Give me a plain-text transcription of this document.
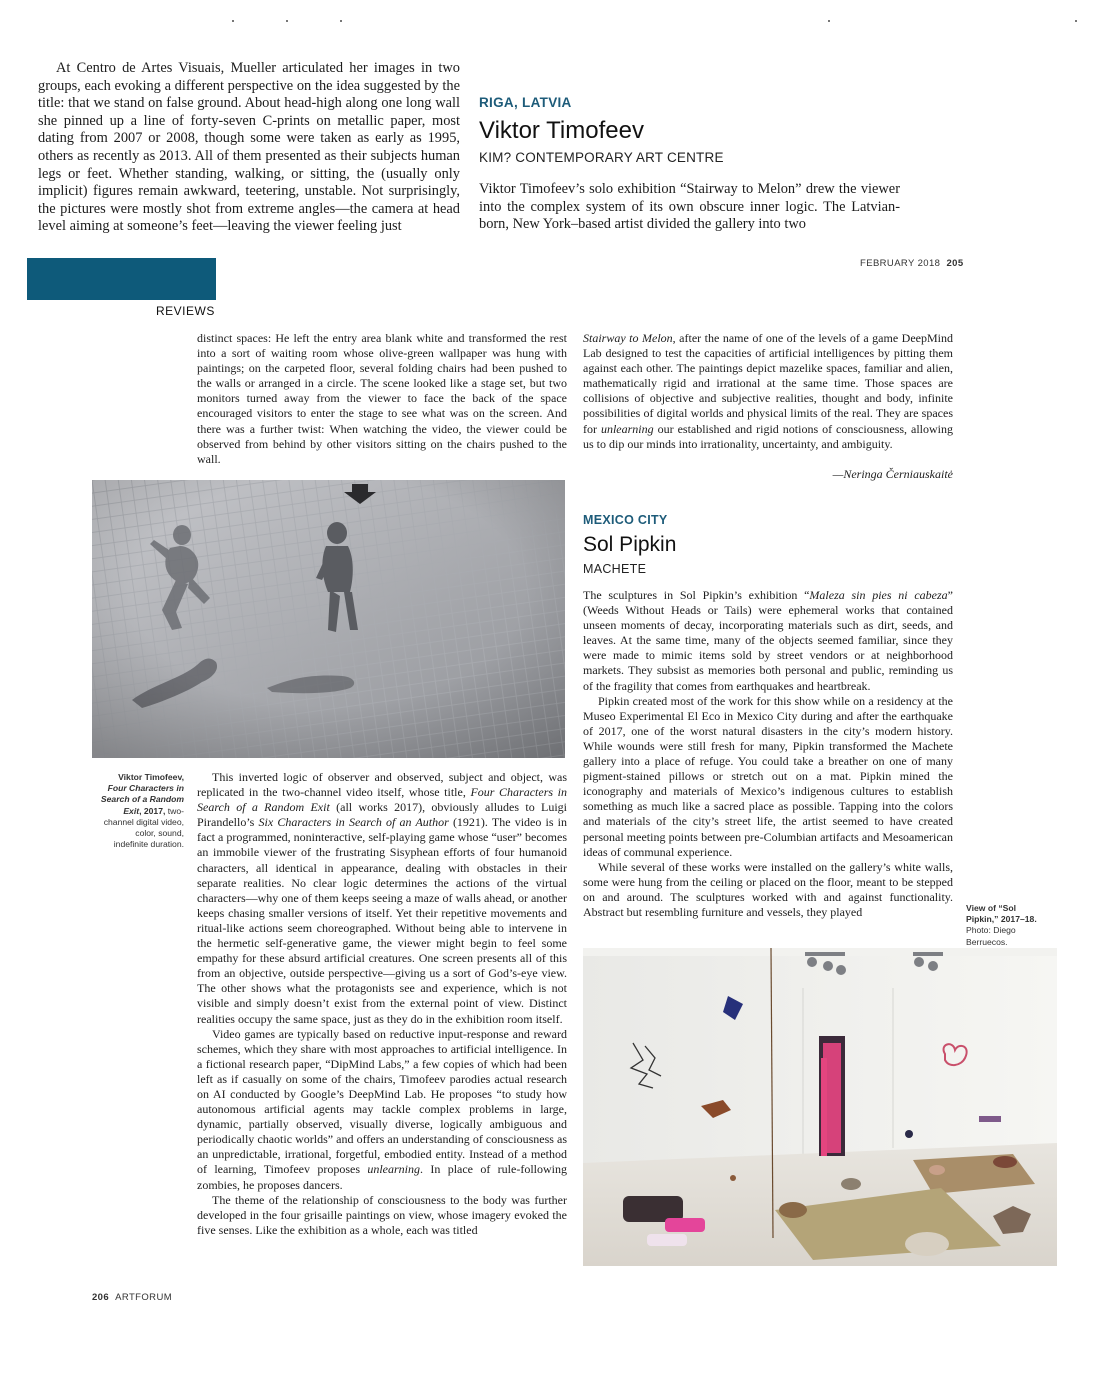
At Centro de Artes Visuais, Mueller articulated her images in two groups, each evoking a different perspective on the idea suggested by the title: that we stand on false ground. About head-high along one long wall she pinned up a line of forty-seven C-prints on metallic paper, most dating from 2007 or 2008, though some were taken as early as 1995, others as recently as 2013. All of them presented as their subjects human legs or feet. Whether standing, walking, or sitting, the (usually only implicit) figures remain awkward, teetering, unstable. Not surprisingly, the pictures were mostly shot from extreme angles—the camera at head level aiming at someone’s feet—leaving the viewer feeling just

RIGA, LATVIA
Viktor Timofeev
KIM? CONTEMPORARY ART CENTRE

Viktor Timofeev’s solo exhibition “Stairway to Melon” drew the viewer into the complex system of its own obscure inner logic. The Latvian-born, New York–based artist divided the gallery into two

FEBRUARY 2018 205
REVIEWS

distinct spaces: He left the entry area blank white and transformed the rest into a sort of waiting room whose olive-green wallpaper was hung with paintings; on the carpeted floor, several folding chairs had been pushed to the walls or arranged in a circle. The scene looked like a stage set, but two monitors turned away from the viewer to face the back of the space encouraged visitors to enter the stage to see what was on the screen. And there was a further twist: When watching the video, the viewer could be observed from behind by other visitors sitting on the chairs pushed to the wall.

Stairway to Melon, after the name of one of the levels of a game DeepMind Lab designed to test the capacities of artificial intelligences by pitting them against each other. The paintings depict mazelike spaces, familiar and alien, mathematically rigid and irrational at the same time. Those spaces are collisions of objective and subjective realities, thought and body, infinite possibilities of digital worlds and physical limits of the real. They are spaces for unlearning our established and rigid notions of consciousness, allowing us to dip our minds into irrationality, uncertainty, and ambiguity.

—Neringa Černiauskaitė
MEXICO CITY
Sol Pipkin
MACHETE

The sculptures in Sol Pipkin’s exhibition “Maleza sin pies ni cabeza” (Weeds Without Heads or Tails) were ephemeral works that contained unseen moments of decay, incorporating materials such as dirt, seeds, and leaves. At the same time, many of the objects seemed familiar, since they were made to mimic items sold by street vendors or at neighborhood markets. They subsist as memories both personal and public, reminding us of the fragility that comes from earthquakes and heartbreak.

Pipkin created most of the work for this show while on a residency at the Museo Experimental El Eco in Mexico City during and after the earthquake of 2017, one of the worst natural disasters in the city’s modern history. While wounds were still fresh for many, Pipkin transformed the Machete gallery into a place of refuge. You could take a breather on one of many pigment-stained pillows or stretch out on a mat. Pipkin mined the iconography and materials of Mexico’s indigenous cultures to establish something as much like a sacred place as possible. Tapping into the colors and materials of the city’s street life, the artist seemed to have created personal meeting points between pre-Columbian artifacts and Mesoamerican ideas of communal experience.

While several of these works were installed on the gallery’s white walls, some were hung from the ceiling or placed on the floor, meant to be stepped on and around. The sculptures worked with and against functionality. Abstract but resembling furniture and vessels, they played	View of “Sol Pipkin,” 2017–18. Photo: Diego Berruecos.
Viktor Timofeev, Four Characters in Search of a Random Exit, 2017, two-channel digital video, color, sound, indefinite duration.

This inverted logic of observer and observed, subject and object, was replicated in the two-channel video itself, whose title, Four Characters in Search of a Random Exit (all works 2017), obviously alludes to Luigi Pirandello’s Six Characters in Search of an Author (1921). The video is in fact a programmed, noninteractive, self-playing game whose “user” becomes an immobile viewer of the frustrating Sisyphean efforts of four humanoid characters, all identical in appearance, dealing with obstacles in their separate realities. No clear logic determines the actions of the virtual characters—why one of them keeps seeing a maze of walls ahead, or another keeps chasing smaller versions of itself. Yet their repetitive movements and ritual-like actions seem choreographed. Without being able to intervene in the hermetic self-generative game, the viewer might begin to feel some empathy for these absurd artificial creatures. One screen presents all of this from an objective, outside perspective—giving us a sort of God’s-eye view. The other shows what the protagonists see and experience, which is not visible and simply doesn’t exist from the external point of view. Distinct realities occupy the same space, just as they do in the exhibition room itself.

Video games are typically based on reductive input-response and reward schemes, which they share with most approaches to artificial intelligence. In a fictional research paper, “DipMind Labs,” a few copies of which had been left as if casually on some of the chairs, Timofeev parodies actual research on AI conducted by Google’s DeepMind Lab. He proposes “to study how autonomous artificial agents may tackle complex problems in large, dynamic, partially observed, visually diverse, logically ambiguous and periodically chaotic worlds” and offers an understanding of consciousness as an unpredictable, irrational, forgetful, embodied entity. Instead of a method of learning, Timofeev proposes unlearning. In place of rule-following zombies, he proposes dancers.

The theme of the relationship of consciousness to the body was further developed in the four grisaille paintings on view, whose imagery evoked the five senses. Like the exhibition as a whole, each was titled

206 ARTFORUM
